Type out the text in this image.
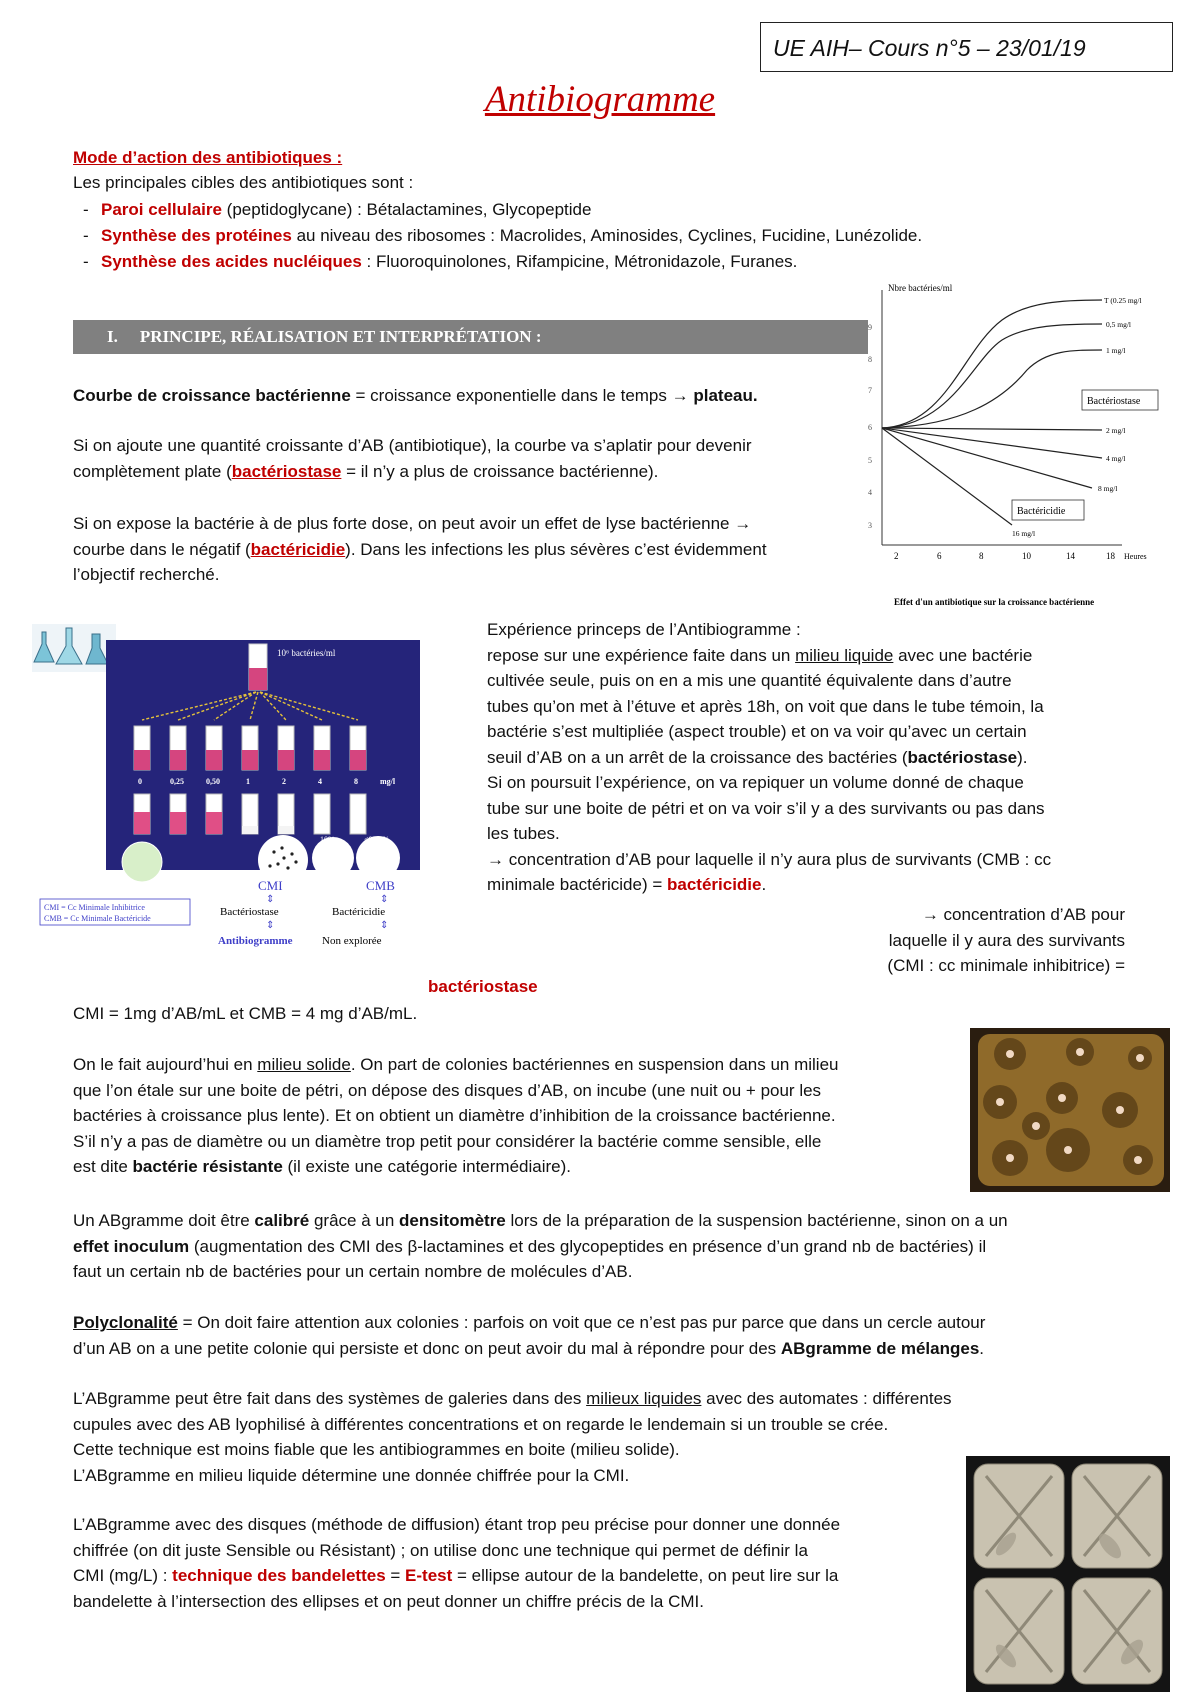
UE AIH– Cours n°5 – 23/01/19
Antibiogramme
Mode d’action des antibiotiques :
Les principales cibles des antibiotiques sont :
- Paroi cellulaire (peptidoglycane) : Bétalactamines, Glycopeptide
- Synthèse des protéines au niveau des ribosomes : Macrolides, Aminosides, Cyclines, Fucidine, Lunézolide.
- Synthèse des acides nucléiques : Fluoroquinolones, Rifampicine, Métronidazole, Furanes.
I. PRINCIPE, RÉALISATION ET INTERPRÉTATION :
Courbe de croissance bactérienne = croissance exponentielle dans le temps → plateau.
Si on ajoute une quantité croissante d’AB (antibiotique), la courbe va s’aplatir pour devenir
complètement plate (bactériostase = il n’y a plus de croissance bactérienne).
Si on expose la bactérie à de plus forte dose, on peut avoir un effet de lyse bactérienne →
courbe dans le négatif (bactéricidie). Dans les infections les plus sévères c’est évidemment
l’objectif recherché.
Nbre bactéries/ml
9
8
7
6
5
4
3
2	6	8	10	14	18 Heures
T (0.25 mg/l
0,5 mg/l
1 mg/l
2 mg/l
4 mg/l
8 mg/l
16 mg/l
Bactériostase
Bactéricidie
Effet d'un antibiotique sur la croissance bactérienne
10⁶ bactéries/ml
0	0,25	0,50	1	2	4	8	mg/l
10%	<0,01%
CMI	CMB
⇕	⇕
Bactériostase	Bactéricidie
⇕	⇕
Antibiogramme	Non explorée
CMI = Cc Minimale Inhibitrice
CMB = Cc Minimale Bactéricide
Expérience princeps de l’Antibiogramme :
repose sur une expérience faite dans un milieu liquide avec une bactérie
cultivée seule, puis on en a mis une quantité équivalente dans d’autre
tubes qu’on met à l’étuve et après 18h, on voit que dans le tube témoin, la
bactérie s’est multipliée (aspect trouble) et on va voir qu’avec un certain
seuil d’AB on a un arrêt de la croissance des bactéries (bactériostase).
Si on poursuit l’expérience, on va repiquer un volume donné de chaque
tube sur une boite de pétri et on va voir s’il y a des survivants ou pas dans
les tubes.
→ concentration d’AB pour laquelle il n’y aura plus de survivants (CMB : cc
minimale bactéricide) = bactéricidie.
→ concentration d’AB pour
laquelle il y aura des survivants
(CMI : cc minimale inhibitrice) =
bactériostase
CMI = 1mg d’AB/mL et CMB = 4 mg d’AB/mL.
On le fait aujourd’hui en milieu solide. On part de colonies bactériennes en suspension dans un milieu
que l’on étale sur une boite de pétri, on dépose des disques d’AB, on incube (une nuit ou + pour les
bactéries à croissance plus lente). Et on obtient un diamètre d’inhibition de la croissance bactérienne.
S’il n’y a pas de diamètre ou un diamètre trop petit pour considérer la bactérie comme sensible, elle
est dite bactérie résistante (il existe une catégorie intermédiaire).
Un ABgramme doit être calibré grâce à un densitomètre lors de la préparation de la suspension bactérienne, sinon on a un
effet inoculum (augmentation des CMI des β-lactamines et des glycopeptides en présence d’un grand nb de bactéries) il
faut un certain nb de bactéries pour un certain nombre de molécules d’AB.
Polyclonalité = On doit faire attention aux colonies : parfois on voit que ce n’est pas pur parce que dans un cercle autour
d’un AB on a une petite colonie qui persiste et donc on peut avoir du mal à répondre pour des ABgramme de mélanges.
L’ABgramme peut être fait dans des systèmes de galeries dans des milieux liquides avec des automates : différentes
cupules avec des AB lyophilisé à différentes concentrations et on regarde le lendemain si un trouble se crée.
Cette technique est moins fiable que les antibiogrammes en boite (milieu solide).
L’ABgramme en milieu liquide détermine une donnée chiffrée pour la CMI.
L’ABgramme avec des disques (méthode de diffusion) étant trop peu précise pour donner une donnée
chiffrée (on dit juste Sensible ou Résistant) ; on utilise donc une technique qui permet de définir la
CMI (mg/L) : technique des bandelettes = E-test = ellipse autour de la bandelette, on peut lire sur la
bandelette à l’intersection des ellipses et on peut donner un chiffre précis de la CMI.
